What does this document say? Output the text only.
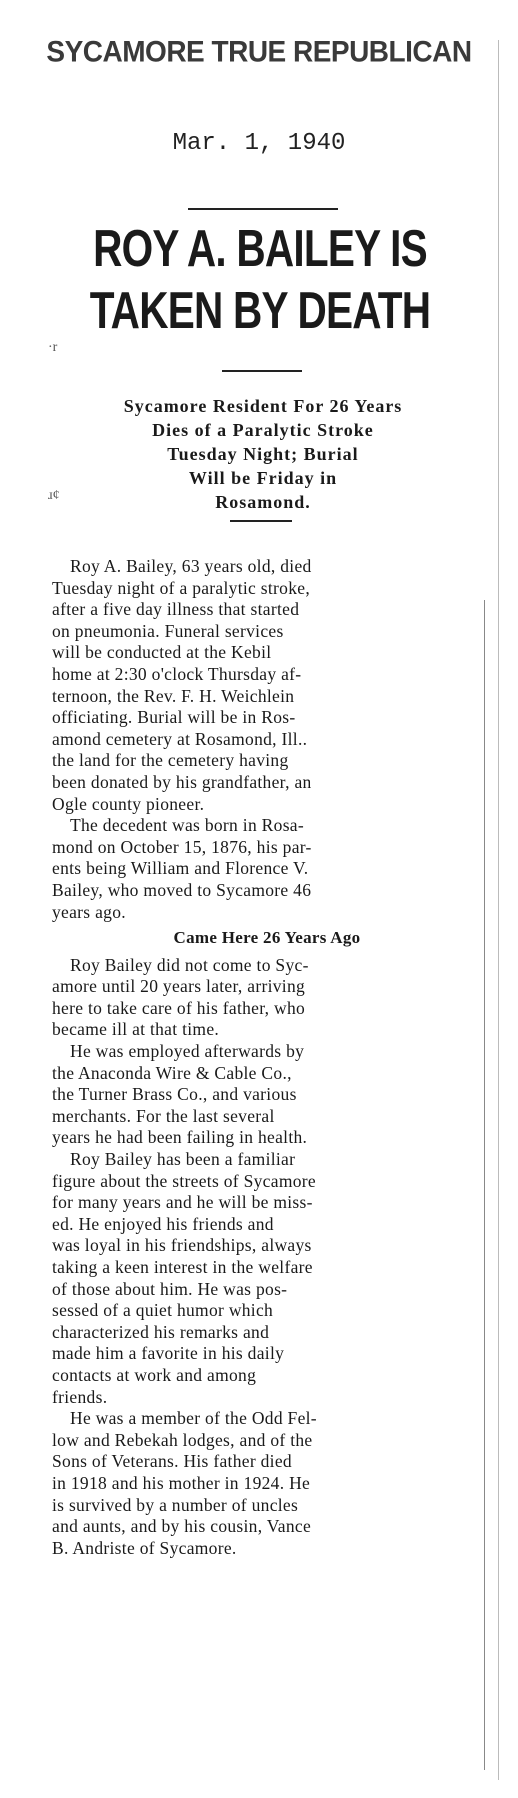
SYCAMORE TRUE REPUBLICAN
Mar. 1, 1940
ROY A. BAILEY IS
TAKEN BY DEATH
Sycamore Resident For 26 Years
Dies of a Paralytic Stroke
Tuesday Night; Burial
Will be Friday in
Rosamond.
·r
ɹ¢

Roy A. Bailey, 63 years old, died
Tuesday night of a paralytic stroke,
after a five day illness that started
on pneumonia. Funeral services
will be conducted at the Kebil
home at 2:30 o'clock Thursday af-
ternoon, the Rev. F. H. Weichlein
officiating. Burial will be in Ros-
amond cemetery at Rosamond, Ill..
the land for the cemetery having
been donated by his grandfather, an
Ogle county pioneer.

The decedent was born in Rosa-
mond on October 15, 1876, his par-
ents being William and Florence V.
Bailey, who moved to Sycamore 46
years ago.

Came Here 26 Years Ago

Roy Bailey did not come to Syc-
amore until 20 years later, arriving
here to take care of his father, who
became ill at that time.

He was employed afterwards by
the Anaconda Wire & Cable Co.,
the Turner Brass Co., and various
merchants. For the last several
years he had been failing in health.

Roy Bailey has been a familiar
figure about the streets of Sycamore
for many years and he will be miss-
ed. He enjoyed his friends and
was loyal in his friendships, always
taking a keen interest in the welfare
of those about him. He was pos-
sessed of a quiet humor which
characterized his remarks and
made him a favorite in his daily
contacts at work and among
friends.

He was a member of the Odd Fel-
low and Rebekah lodges, and of the
Sons of Veterans. His father died
in 1918 and his mother in 1924. He
is survived by a number of uncles
and aunts, and by his cousin, Vance
B. Andriste of Sycamore.
